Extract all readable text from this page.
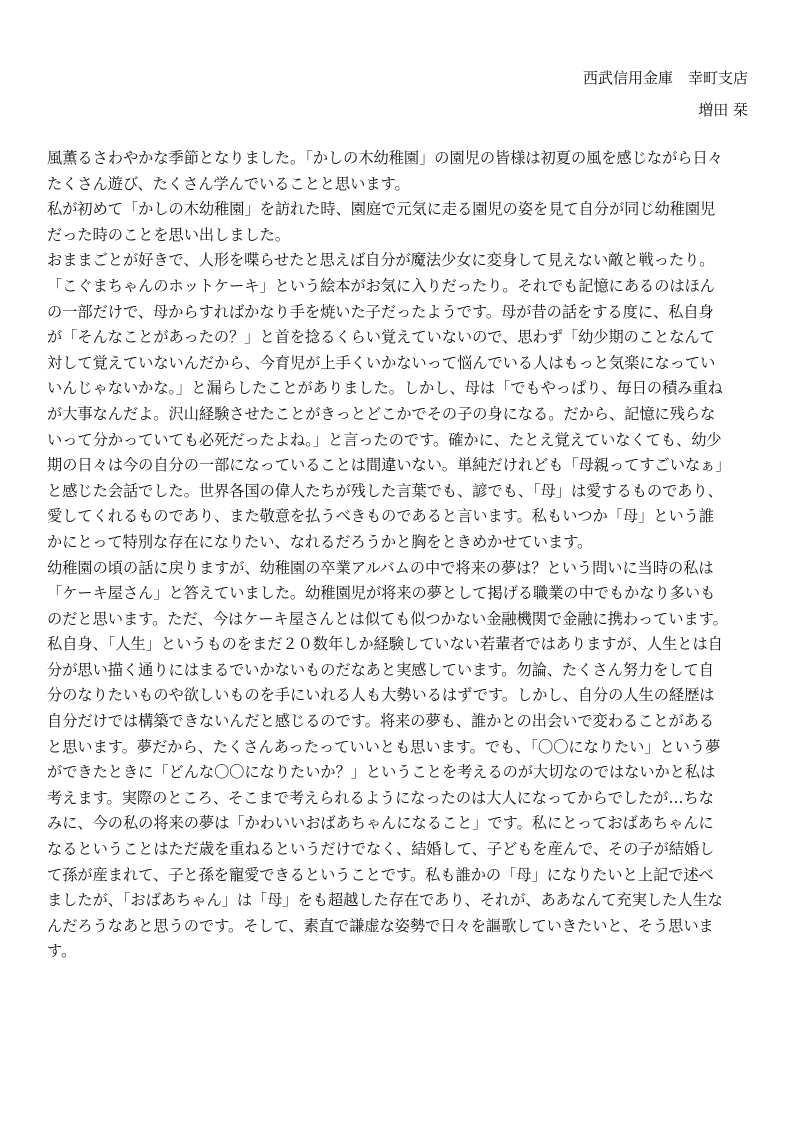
西武信用金庫　幸町支店
増田 栞
風薫るさわやかな季節となりました。「かしの木幼稚園」の園児の皆様は初夏の風を感じながら日々
たくさん遊び、たくさん学んでいることと思います。
私が初めて「かしの木幼稚園」を訪れた時、園庭で元気に走る園児の姿を見て自分が同じ幼稚園児
だった時のことを思い出しました。
おままごとが好きで、人形を喋らせたと思えば自分が魔法少女に変身して見えない敵と戦ったり。
「こぐまちゃんのホットケーキ」という絵本がお気に入りだったり。それでも記憶にあるのはほん
の一部だけで、母からすればかなり手を焼いた子だったようです。母が昔の話をする度に、私自身
が「そんなことがあったの？」と首を捻るくらい覚えていないので、思わず「幼少期のことなんて
対して覚えていないんだから、今育児が上手くいかないって悩んでいる人はもっと気楽になってい
いんじゃないかな。」と漏らしたことがありました。しかし、母は「でもやっぱり、毎日の積み重ね
が大事なんだよ。沢山経験させたことがきっとどこかでその子の身になる。だから、記憶に残らな
いって分かっていても必死だったよね。」と言ったのです。確かに、たとえ覚えていなくても、幼少
期の日々は今の自分の一部になっていることは間違いない。単純だけれども「母親ってすごいなぁ」
と感じた会話でした。世界各国の偉人たちが残した言葉でも、諺でも、「母」は愛するものであり、
愛してくれるものであり、また敬意を払うべきものであると言います。私もいつか「母」という誰
かにとって特別な存在になりたい、なれるだろうかと胸をときめかせています。
幼稚園の頃の話に戻りますが、幼稚園の卒業アルバムの中で将来の夢は？という問いに当時の私は
「ケーキ屋さん」と答えていました。幼稚園児が将来の夢として掲げる職業の中でもかなり多いも
のだと思います。ただ、今はケーキ屋さんとは似ても似つかない金融機関で金融に携わっています。
私自身、「人生」というものをまだ２０数年しか経験していない若輩者ではありますが、人生とは自
分が思い描く通りにはまるでいかないものだなあと実感しています。勿論、たくさん努力をして自
分のなりたいものや欲しいものを手にいれる人も大勢いるはずです。しかし、自分の人生の経歴は
自分だけでは構築できないんだと感じるのです。将来の夢も、誰かとの出会いで変わることがある
と思います。夢だから、たくさんあったっていいとも思います。でも、「〇〇になりたい」という夢
ができたときに「どんな〇〇になりたいか？」ということを考えるのが大切なのではないかと私は
考えます。実際のところ、そこまで考えられるようになったのは大人になってからでしたが…ちな
みに、今の私の将来の夢は「かわいいおばあちゃんになること」です。私にとっておばあちゃんに
なるということはただ歳を重ねるというだけでなく、結婚して、子どもを産んで、その子が結婚し
て孫が産まれて、子と孫を寵愛できるということです。私も誰かの「母」になりたいと上記で述べ
ましたが、「おばあちゃん」は「母」をも超越した存在であり、それが、ああなんて充実した人生な
んだろうなあと思うのです。そして、素直で謙虚な姿勢で日々を謳歌していきたいと、そう思いま
す。
